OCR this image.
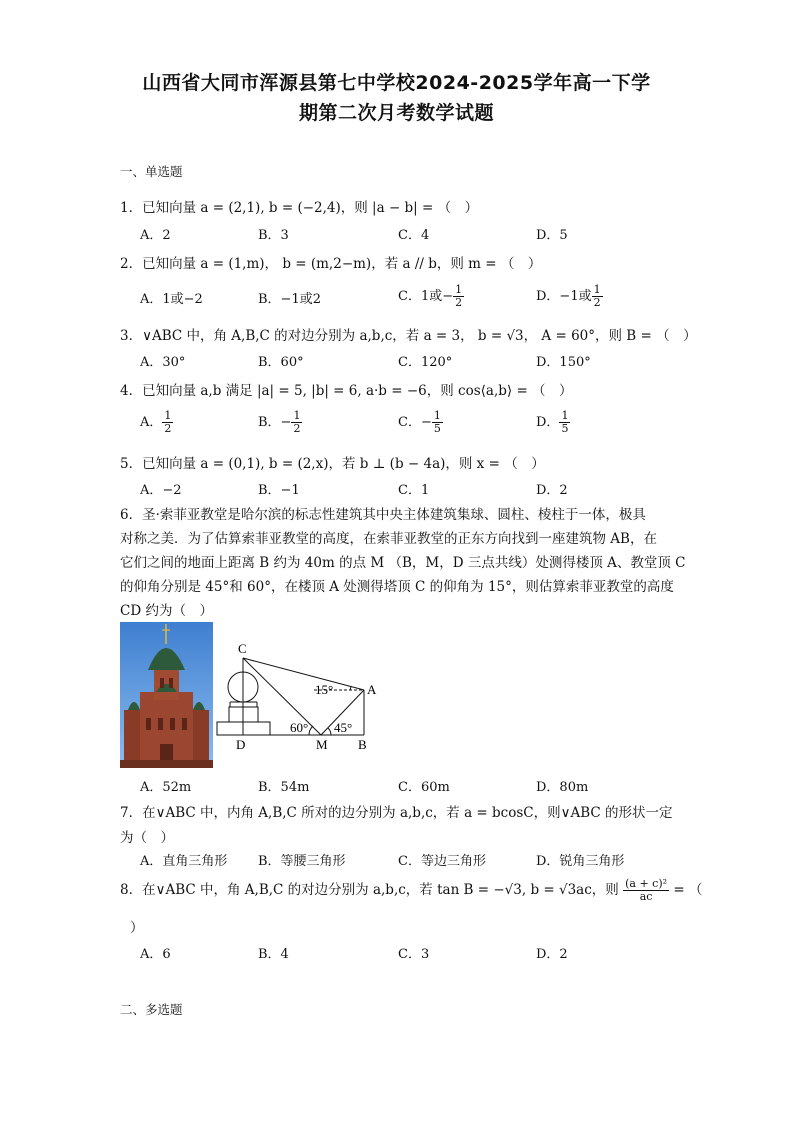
山西省大同市浑源县第七中学校2024-2025学年高一下学
期第二次月考数学试题
一、单选题
1．已知向量 a = (2,1), b = (−2,4)，则 |a − b| = （　）
A．2	B．3	C．4	D．5
2．已知向量 a = (1,m)， b = (m,2−m)，若 a // b，则 m = （　）
A．1或−2	B．−1或2	C．1或− $\frac{1}{2}$	D．−1或 $\frac{1}{2}$
3．∨ABC 中，角 A,B,C 的对边分别为 a,b,c，若 a = 3， b = √3， A = 60°，则 B = （　）
A．30°	B．60°	C．120°	D．150°
4．已知向量 a,b 满足 |a| = 5, |b| = 6, a·b = −6，则 cos⟨a,b⟩ = （　）
A． $\frac{1}{2}$	B．− $\frac{1}{2}$	C．− $\frac{1}{5}$	D． $\frac{1}{5}$
5．已知向量 a = (0,1), b = (2,x)，若 b ⊥ (b − 4a)，则 x = （　）
A．−2	B．−1	C．1	D．2
6．圣·索菲亚教堂是哈尔滨的标志性建筑其中央主体建筑集球、圆柱、棱柱于一体，极具
对称之美．为了估算索菲亚教堂的高度，在索菲亚教堂的正东方向找到一座建筑物 AB，在
它们之间的地面上距离 B 约为 40m 的点 M （B，M，D 三点共线）处测得楼顶 A、教堂顶 C
的仰角分别是 45°和 60°，在楼顶 A 处测得塔顶 C 的仰角为 15°，则估算索菲亚教堂的高度
CD 约为（　）
C
A
D	M B
15°
60° 45°
A．52m	B．54m	C．60m	D．80m
7．在∨ABC 中，内角 A,B,C 所对的边分别为 a,b,c，若 a = bcosC，则∨ABC 的形状一定
为（　）
A．直角三角形 B．等腰三角形	C．等边三角形	D．锐角三角形
8．在∨ABC 中，角 A,B,C 的对边分别为 a,b,c，若 tan B = −√3, b = √3ac，则 $\frac{\text{(a + c)²}}{ac}$ = （
）
A．6	B．4	C．3	D．2
二、多选题
